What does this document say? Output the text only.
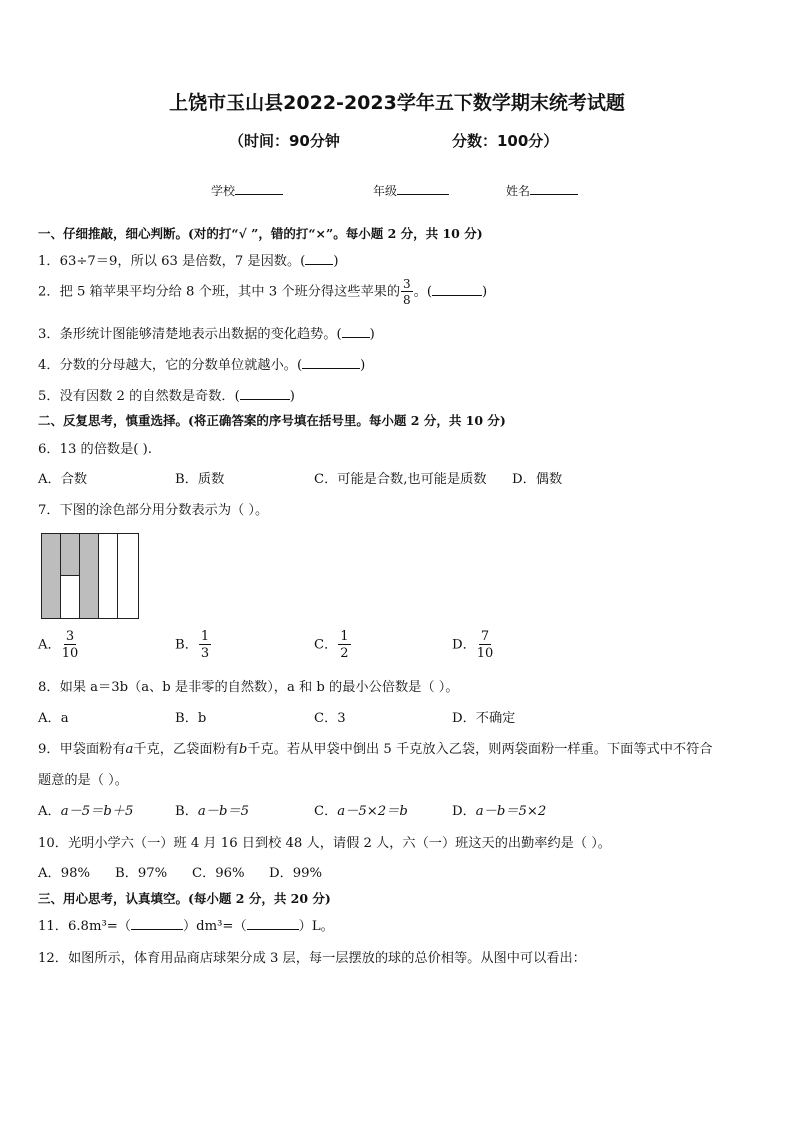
上饶市玉山县2022-2023学年五下数学期末统考试题
（时间：90分钟	分数：100分）
学校	年级	姓名
一、仔细推敲，细心判断。(对的打“√ ”，错的打“×”。每小题 2 分，共 10 分)
1．63÷7＝9，所以 63 是倍数，7 是因数。( )
2．把 5 箱苹果平均分给 8 个班，其中 3 个班分得这些苹果的 $\frac{3}{8}$ 。(	)
3．条形统计图能够清楚地表示出数据的变化趋势。( )
4．分数的分母越大，它的分数单位就越小。(	)
5．没有因数 2 的自然数是奇数．(	)
二、反复思考，慎重选择。(将正确答案的序号填在括号里。每小题 2 分，共 10 分)
6．13 的倍数是( ).
A．合数	B．质数	C．可能是合数,也可能是质数 D．偶数
7．下图的涂色部分用分数表示为（ ）。
A． $\frac{3}{10}$	B． $\frac{1}{3}$	C． $\frac{1}{2}$	D． $\frac{7}{10}$
8．如果 a＝3b（a、b 是非零的自然数），a 和 b 的最小公倍数是（ ）。
A．a	B．b	C．3	D．不确定
9．甲袋面粉有a千克，乙袋面粉有b千克。若从甲袋中倒出 5 千克放入乙袋，则两袋面粉一样重。下面等式中不符合
题意的是（ ）。
A．a－5＝b＋5	B．a－b＝5	C．a－5×2＝b	D．a－b＝5×2
10．光明小学六（一）班 4 月 16 日到校 48 人，请假 2 人，六（一）班这天的出勤率约是（ ）。
A．98% B．97% C．96% D．99%
三、用心思考，认真填空。(每小题 2 分，共 20 分)
11．6.8m³=（	）dm³=（	）L。
12．如图所示，体育用品商店球架分成 3 层，每一层摆放的球的总价相等。从图中可以看出：
